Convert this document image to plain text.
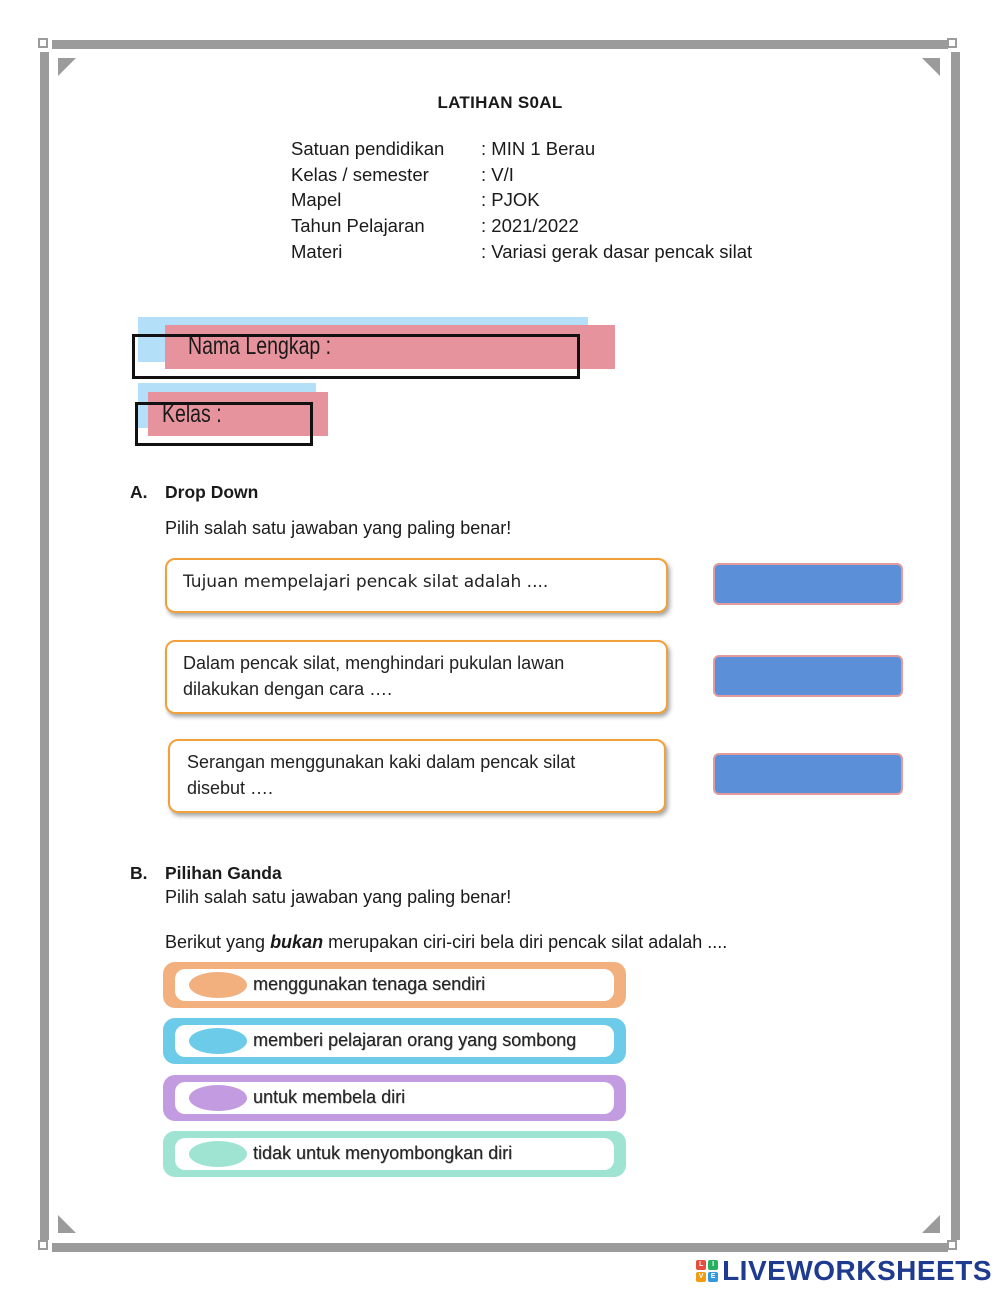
LATIHAN S0AL
Satuan pendidikan : MIN 1 Berau
Kelas / semester	: V/I
Mapel	: PJOK
Tahun Pelajaran	: 2021/2022
Materi	: Variasi gerak dasar pencak silat
Nama Lengkap :
Kelas :
A. Drop Down
Pilih salah satu jawaban yang paling benar!
Tujuan mempelajari pencak silat adalah ....
Dalam pencak silat, menghindari pukulan lawan
dilakukan dengan cara ….
Serangan menggunakan kaki dalam pencak silat
disebut ….
B. Pilihan Ganda
Pilih salah satu jawaban yang paling benar!
Berikut yang bukan merupakan ciri-ciri bela diri pencak silat adalah ....
menggunakan tenaga sendiri
memberi pelajaran orang yang sombong
untuk membela diri
tidak untuk menyombongkan diri
L	I
V	E LIVEWORKSHEETS
